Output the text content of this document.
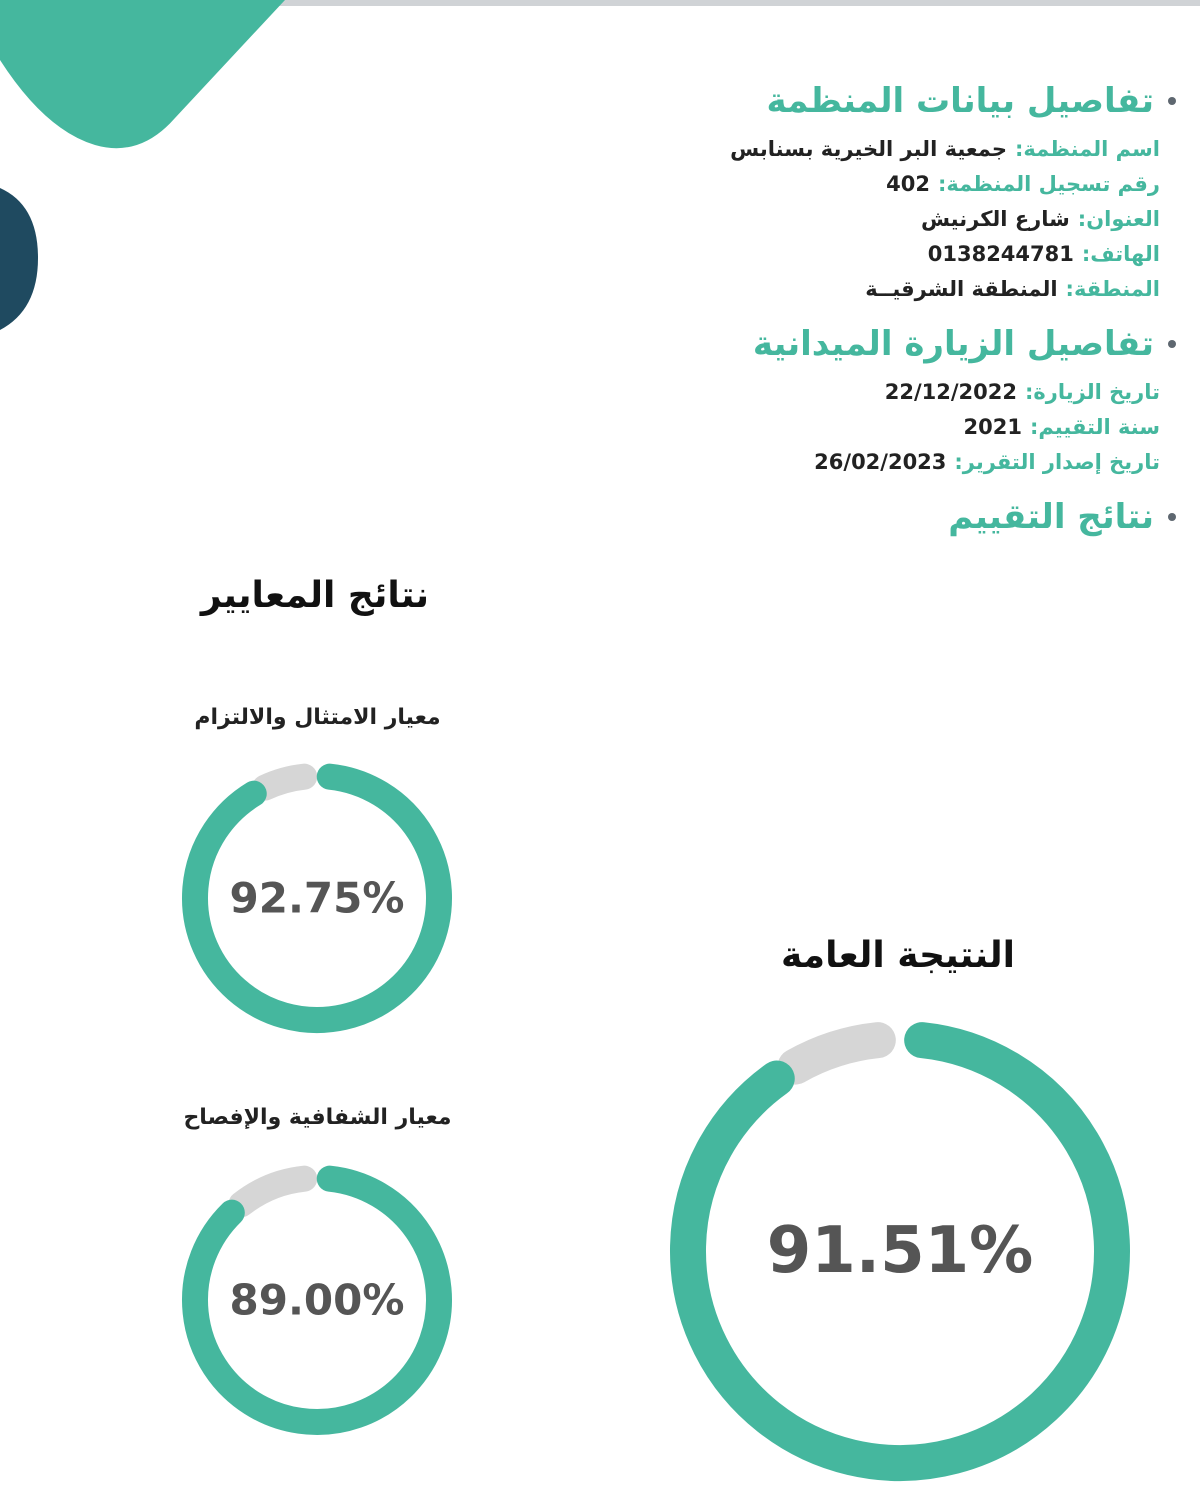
تفاصيل بيانات المنظمة
اسم المنظمة:جمعية البر الخيرية بسنابس
رقم تسجيل المنظمة:402
العنوان:شارع الكرنيش
الهاتف:0138244781
المنطقة:المنطقة الشرقيــة
تفاصيل الزيارة الميدانية
تاريخ الزيارة:22/12/2022
سنة التقييم:2021
تاريخ إصدار التقرير:26/02/2023
نتائج التقييم
نتائج المعايير
معيار الامتثال والالتزام
92.75%
معيار الشفافية والإفصاح
89.00%
النتيجة العامة
91.51%
